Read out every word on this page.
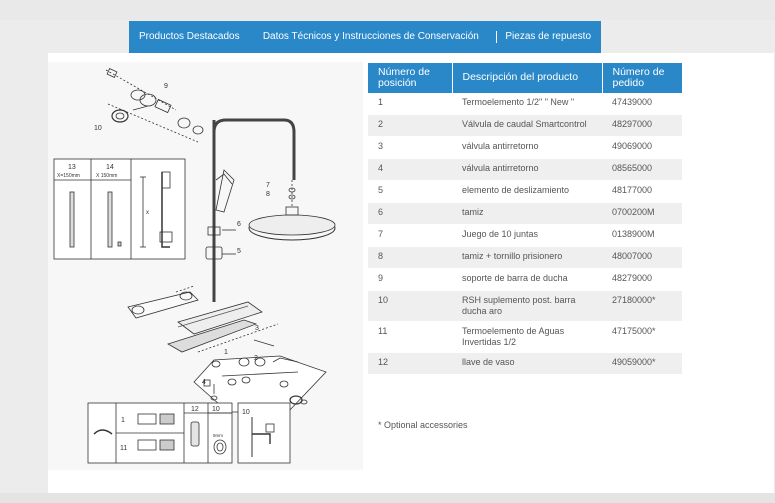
Productos Destacados	Datos Técnicos y Instrucciones de Conservación	Piezas de repuesto
7
8
6
5
9
10
13	14
X=150mm	X 150mm
x
3
1
2
4
1
11
12 10
9mm
10
Número de posición	Descripción del producto	Número de pedido
1	Termoelemento 1/2" " New "	47439000
2	Válvula de caudal Smartcontrol	48297000
3	válvula antirretorno	49069000
4	válvula antirretorno	08565000
5	elemento de deslizamiento	48177000
6	tamiz	0700200M
7	Juego de 10 juntas	0138900M
8	tamiz + tornillo prisionero	48007000
9	soporte de barra de ducha	48279000
10	RSH suplemento post. barra ducha aro	27180000*
11	Termoelemento de Aguas Invertidas 1/2	47175000*
12	llave de vaso	49059000*
* Optional accessories
